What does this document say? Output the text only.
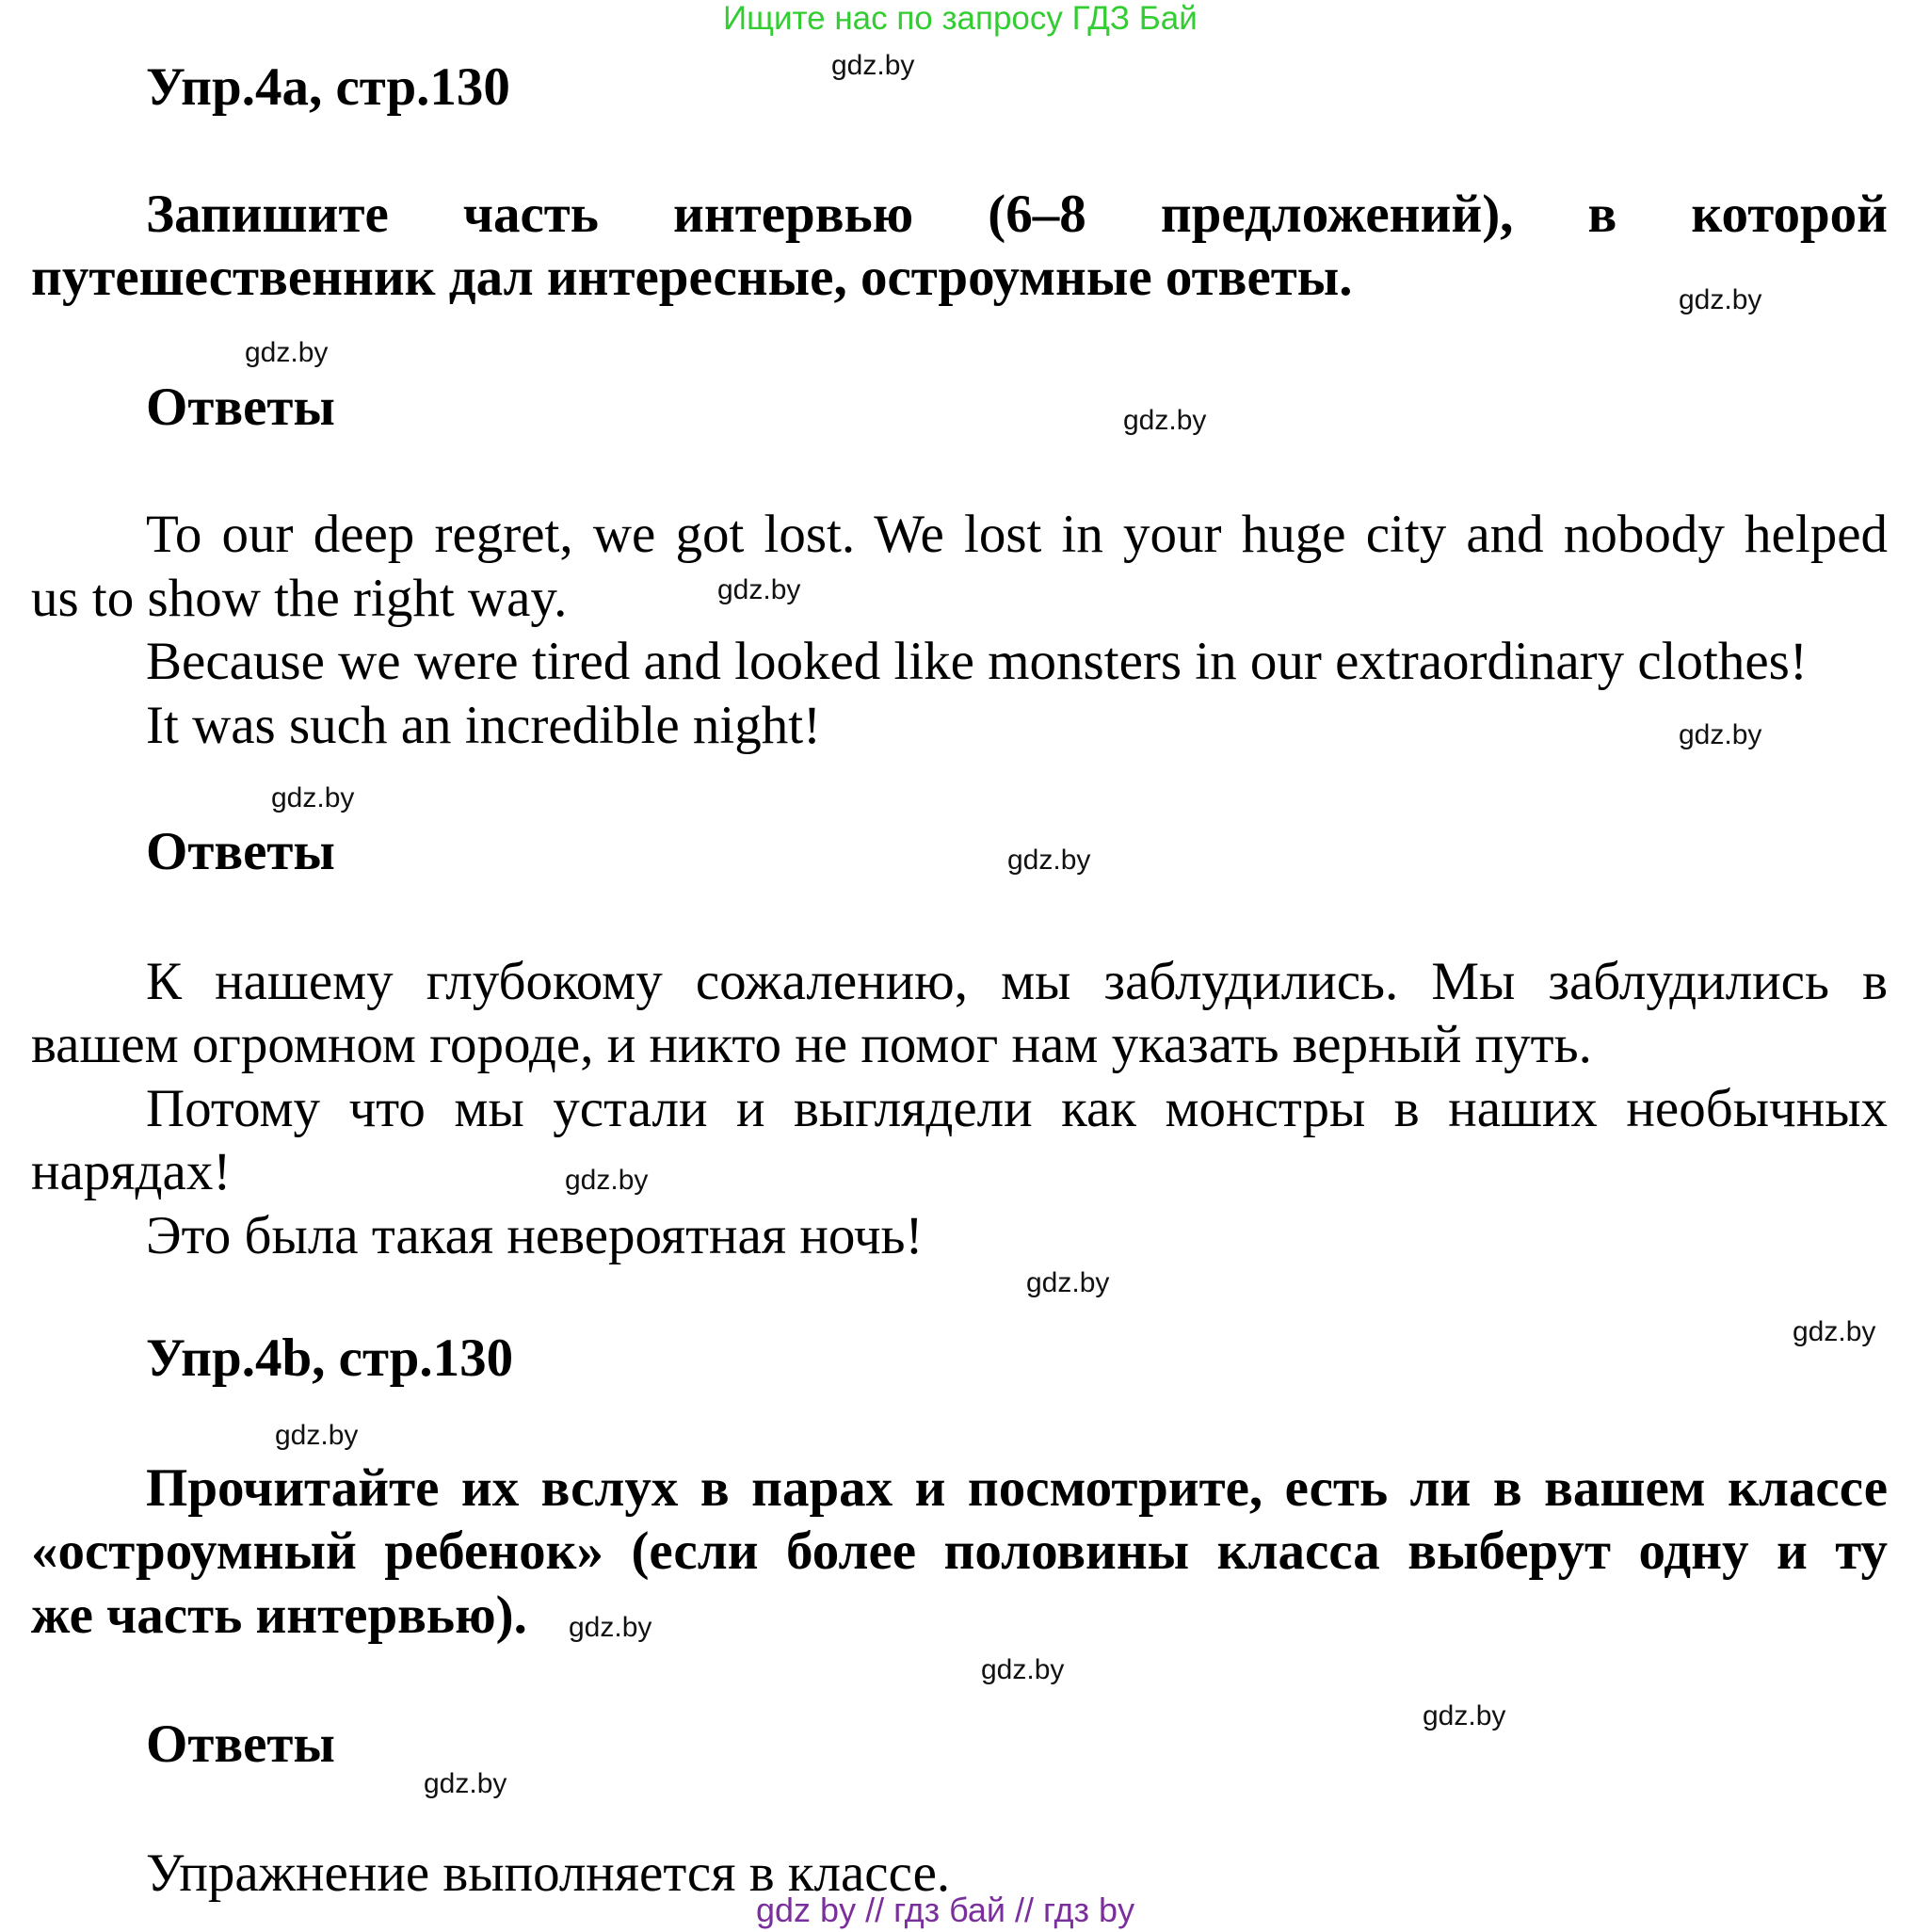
Ищите нас по запросу ГДЗ Бай
Упр.4a, стр.130
Запишите часть интервью (6–8 предложений), в которой
путешественник дал интересные, остроумные ответы.
Ответы
To our deep regret, we got lost. We lost in your huge city and nobody helped
us to show the right way.
Because we were tired and looked like monsters in our extraordinary clothes!
It was such an incredible night!
Ответы
К нашему глубокому сожалению, мы заблудились. Мы заблудились в
вашем огромном городе, и никто не помог нам указать верный путь.
Потому что мы устали и выглядели как монстры в наших необычных
нарядах!
Это была такая невероятная ночь!
Упр.4b, стр.130
Прочитайте их вслух в парах и посмотрите, есть ли в вашем классе
«остроумный ребенок» (если более половины класса выберут одну и ту
же часть интервью).
Ответы
Упражнение выполняется в классе.
gdz by // гдз бай // гдз by
gdz.by
gdz.by
gdz.by
gdz.by
gdz.by
gdz.by
gdz.by
gdz.by
gdz.by
gdz.by
gdz.by
gdz.by
gdz.by
gdz.by
gdz.by
gdz.by
